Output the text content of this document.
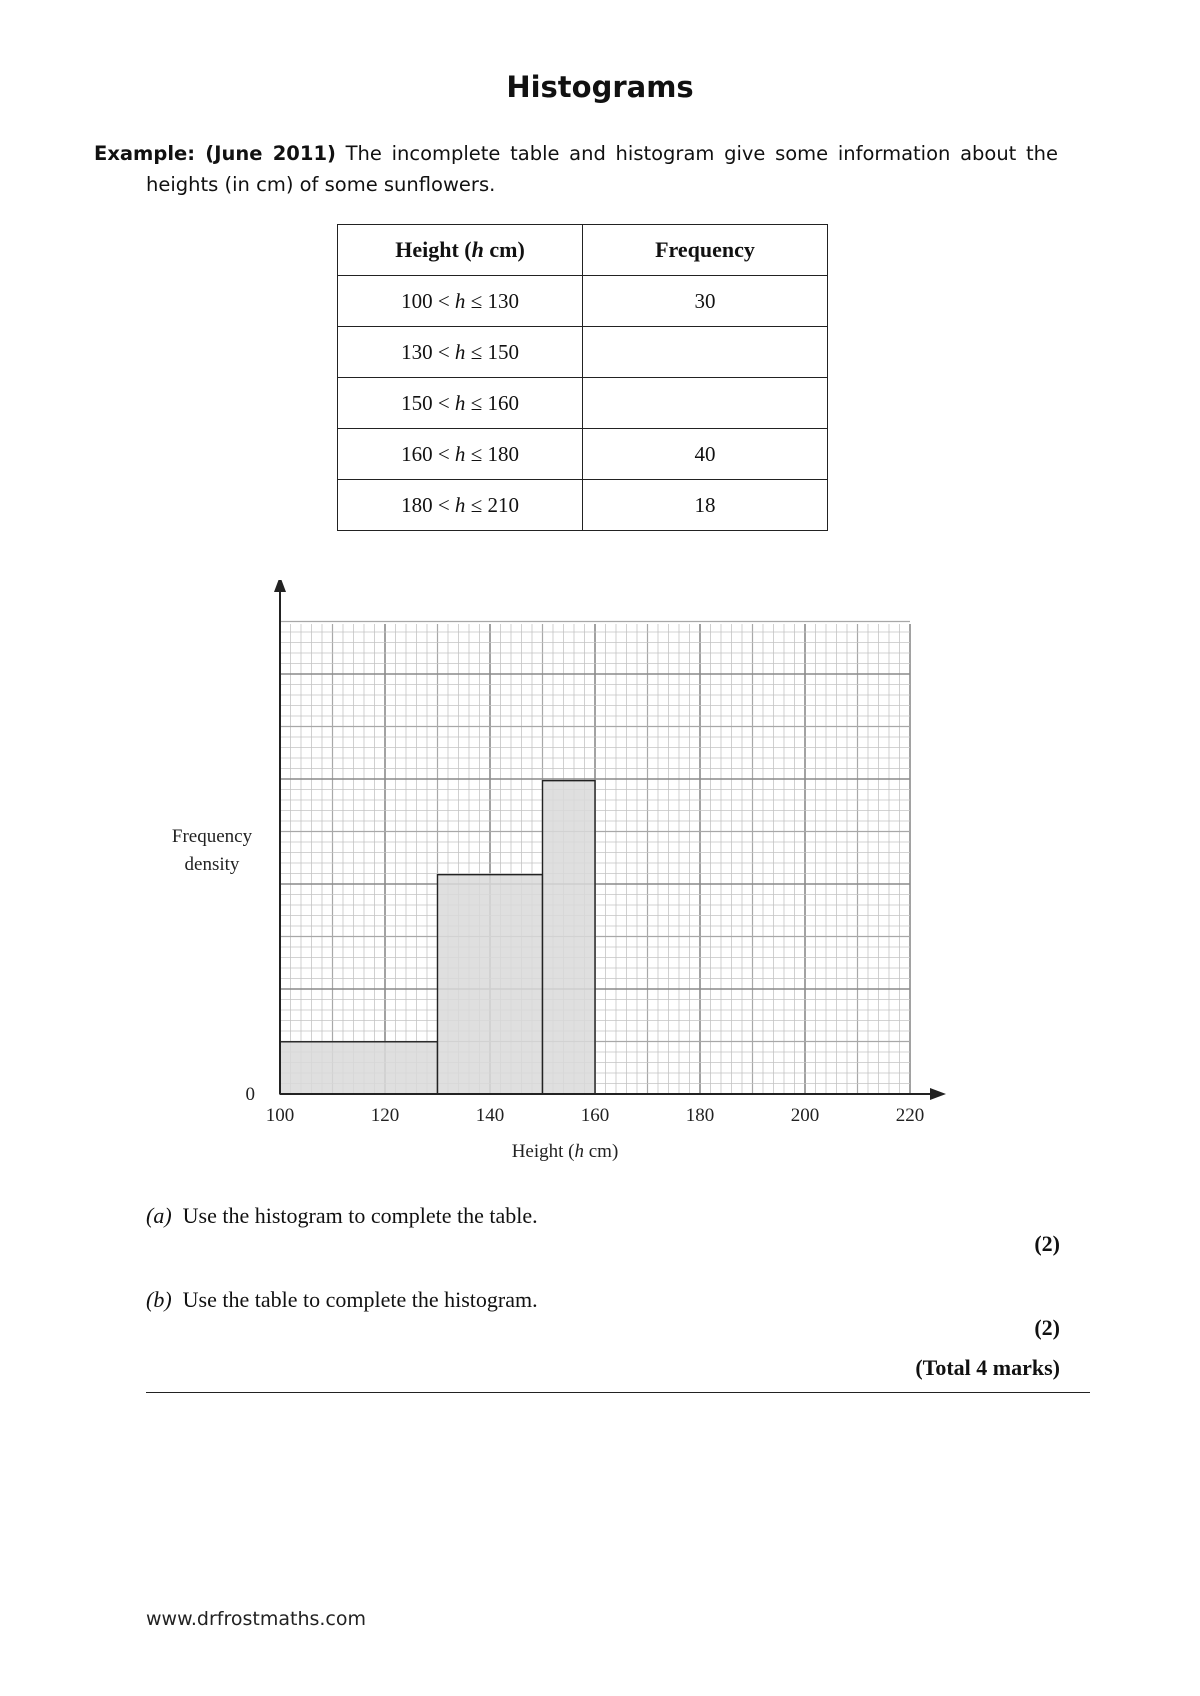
Histograms
Example: (June 2011) The incomplete table and histogram give some information about the
heights (in cm) of some sunflowers.
Height (h cm)	Frequency
100 < h ≤ 130	30
130 < h ≤ 150	
150 < h ≤ 160	
160 < h ≤ 180	40
180 < h ≤ 210	18
100	120	140	160	180	200	220
0
Frequency
density
Height (h cm)
(a) Use the histogram to complete the table.
(2)
(b) Use the table to complete the histogram.
(2)
(Total 4 marks)
www.drfrostmaths.com
